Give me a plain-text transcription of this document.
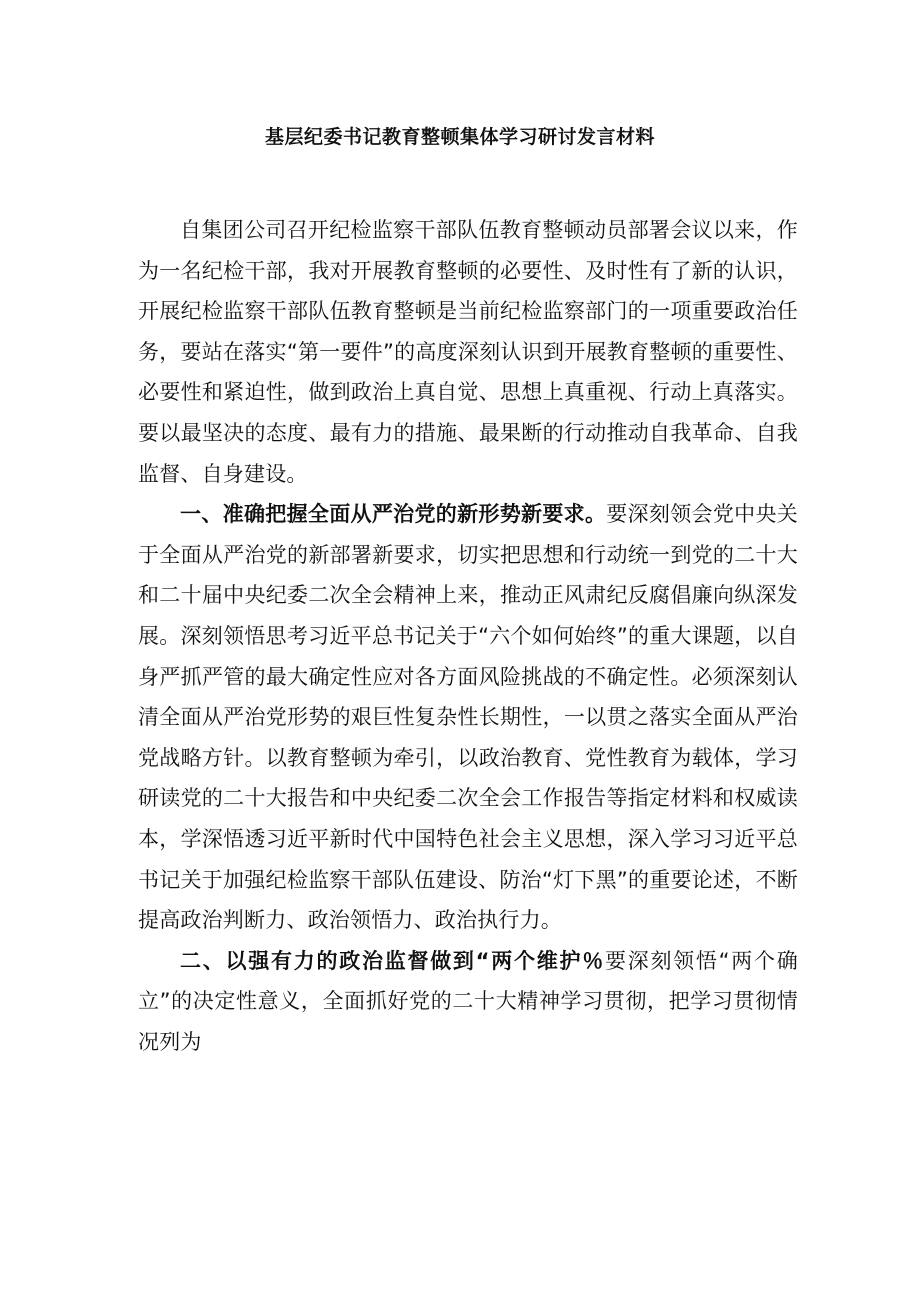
基层纪委书记教育整顿集体学习研讨发言材料

自集团公司召开纪检监察干部队伍教育整顿动员部署会议以来，作为一名纪检干部，我对开展教育整顿的必要性、及时性有了新的认识，开展纪检监察干部队伍教育整顿是当前纪检监察部门的一项重要政治任务，要站在落实“第一要件”的高度深刻认识到开展教育整顿的重要性、必要性和紧迫性，做到政治上真自觉、思想上真重视、行动上真落实。要以最坚决的态度、最有力的措施、最果断的行动推动自我革命、自我监督、自身建设。

一、准确把握全面从严治党的新形势新要求。要深刻领会党中央关于全面从严治党的新部署新要求，切实把思想和行动统一到党的二十大和二十届中央纪委二次全会精神上来，推动正风肃纪反腐倡廉向纵深发展。深刻领悟思考习近平总书记关于“六个如何始终”的重大课题，以自身严抓严管的最大确定性应对各方面风险挑战的不确定性。必须深刻认清全面从严治党形势的艰巨性复杂性长期性，一以贯之落实全面从严治党战略方针。以教育整顿为牵引，以政治教育、党性教育为载体，学习研读党的二十大报告和中央纪委二次全会工作报告等指定材料和权威读本，学深悟透习近平新时代中国特色社会主义思想，深入学习习近平总书记关于加强纪检监察干部队伍建设、防治“灯下黑”的重要论述，不断提高政治判断力、政治领悟力、政治执行力。

二、以强有力的政治监督做到“两个维护％要深刻领悟“两个确立”的决定性意义，全面抓好党的二十大精神学习贯彻，把学习贯彻情况列为
